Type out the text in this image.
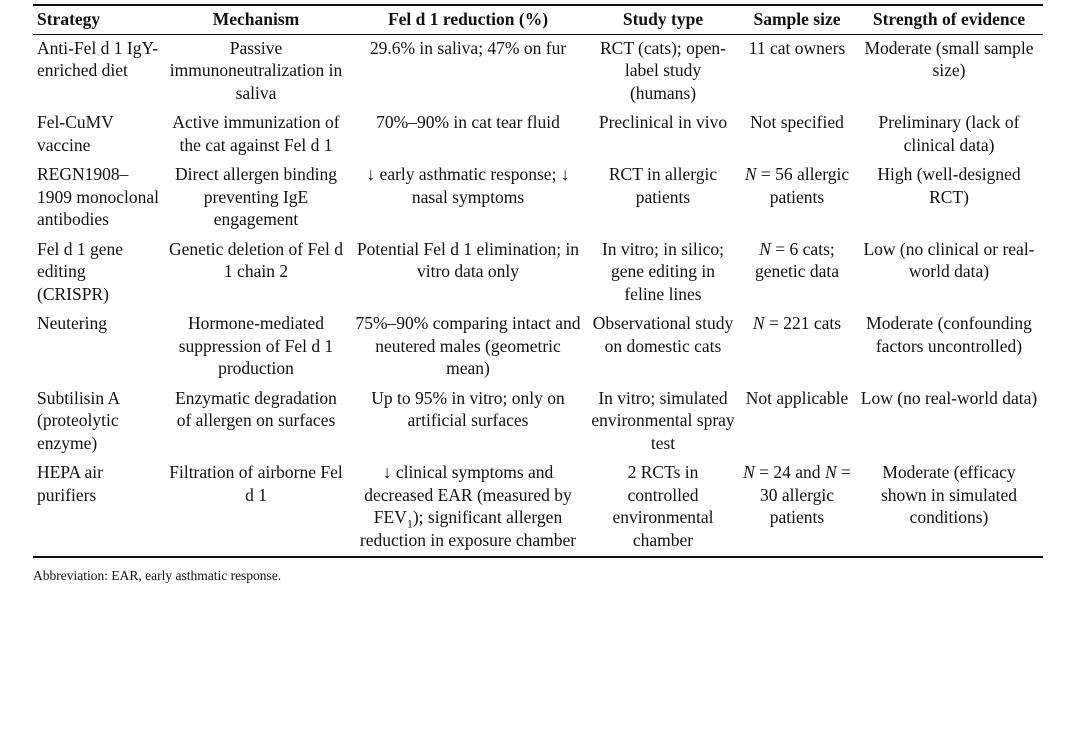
Strategy	Mechanism	Fel d 1 reduction (%)	Study type	Sample size	Strength of evidence
Anti-Fel d 1 IgY-enriched diet	Passive immunoneutralization in saliva	29.6% in saliva; 47% on fur	RCT (cats); open-label study (humans)	11 cat owners	Moderate (small sample size)
Fel-CuMV vaccine	Active immunization of the cat against Fel d 1	70%–90% in cat tear fluid	Preclinical in vivo	Not specified	Preliminary (lack of clinical data)
REGN1908–1909 monoclonal antibodies	Direct allergen binding preventing IgE engagement	↓ early asthmatic response; ↓ nasal symptoms	RCT in allergic patients	N = 56 allergic patients	High (well-designed RCT)
Fel d 1 gene editing (CRISPR)	Genetic deletion of Fel d 1 chain 2	Potential Fel d 1 elimination; in vitro data only	In vitro; in silico; gene editing in feline lines	N = 6 cats; genetic data	Low (no clinical or real-world data)
Neutering	Hormone-mediated suppression of Fel d 1 production	75%–90% comparing intact and neutered males (geometric mean)	Observational study on domestic cats	N = 221 cats	Moderate (confounding factors uncontrolled)
Subtilisin A (proteolytic enzyme)	Enzymatic degradation of allergen on surfaces	Up to 95% in vitro; only on artificial surfaces	In vitro; simulated environmental spray test	Not applicable	Low (no real-world data)
HEPA air purifiers	Filtration of airborne Fel d 1	↓ clinical symptoms and decreased EAR (measured by $FEV_1$); significant allergen reduction in exposure chamber	2 RCTs in controlled environmental chamber	N = 24 and N = 30 allergic patients	Moderate (efficacy shown in simulated conditions)
Abbreviation: EAR, early asthmatic response.
